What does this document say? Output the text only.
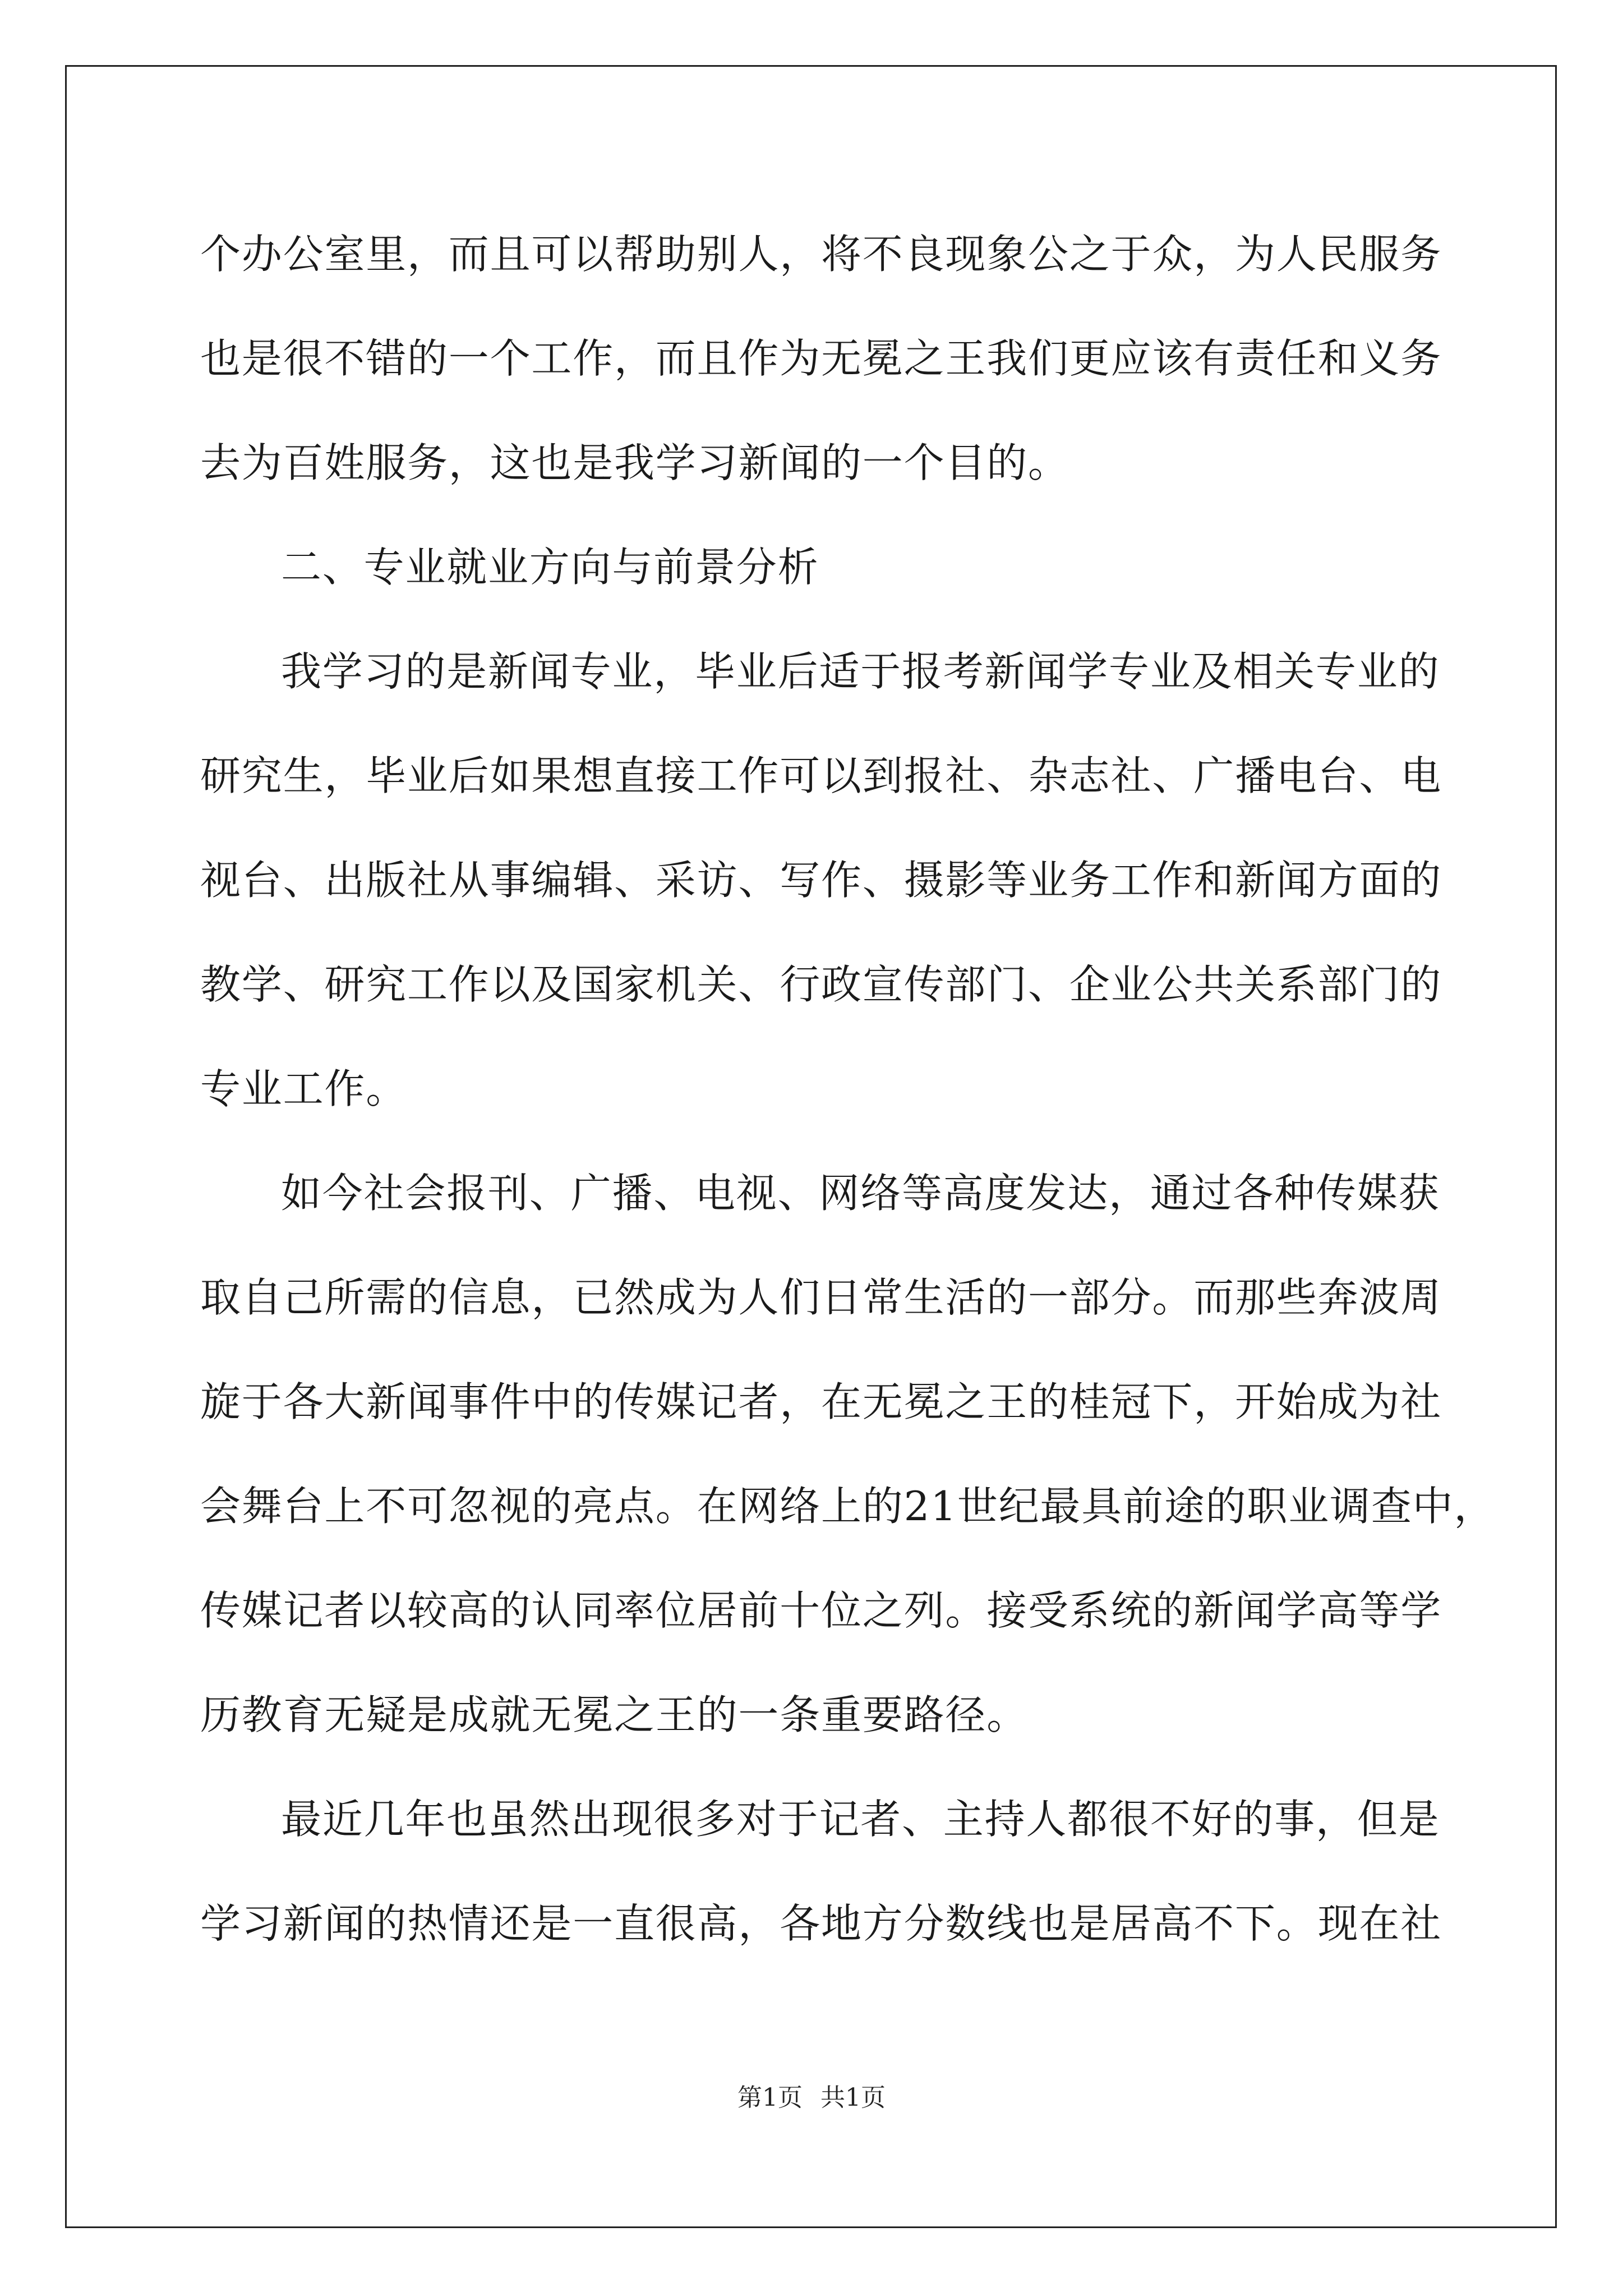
个办公室里，而且可以帮助别人，将不良现象公之于众，为人民服务
也是很不错的一个工作，而且作为无冕之王我们更应该有责任和义务
去为百姓服务，这也是我学习新闻的一个目的。
二、专业就业方向与前景分析
我学习的是新闻专业，毕业后适于报考新闻学专业及相关专业的
研究生，毕业后如果想直接工作可以到报社、杂志社、广播电台、电
视台、出版社从事编辑、采访、写作、摄影等业务工作和新闻方面的
教学、研究工作以及国家机关、行政宣传部门、企业公共关系部门的
专业工作。
如今社会报刊、广播、电视、网络等高度发达，通过各种传媒获
取自己所需的信息，已然成为人们日常生活的一部分。而那些奔波周
旋于各大新闻事件中的传媒记者，在无冕之王的桂冠下，开始成为社
会舞台上不可忽视的亮点。在网络上的21世纪最具前途的职业调查中，
传媒记者以较高的认同率位居前十位之列。接受系统的新闻学高等学
历教育无疑是成就无冕之王的一条重要路径。
最近几年也虽然出现很多对于记者、主持人都很不好的事，但是
学习新闻的热情还是一直很高，各地方分数线也是居高不下。现在社
第1页 共1页
